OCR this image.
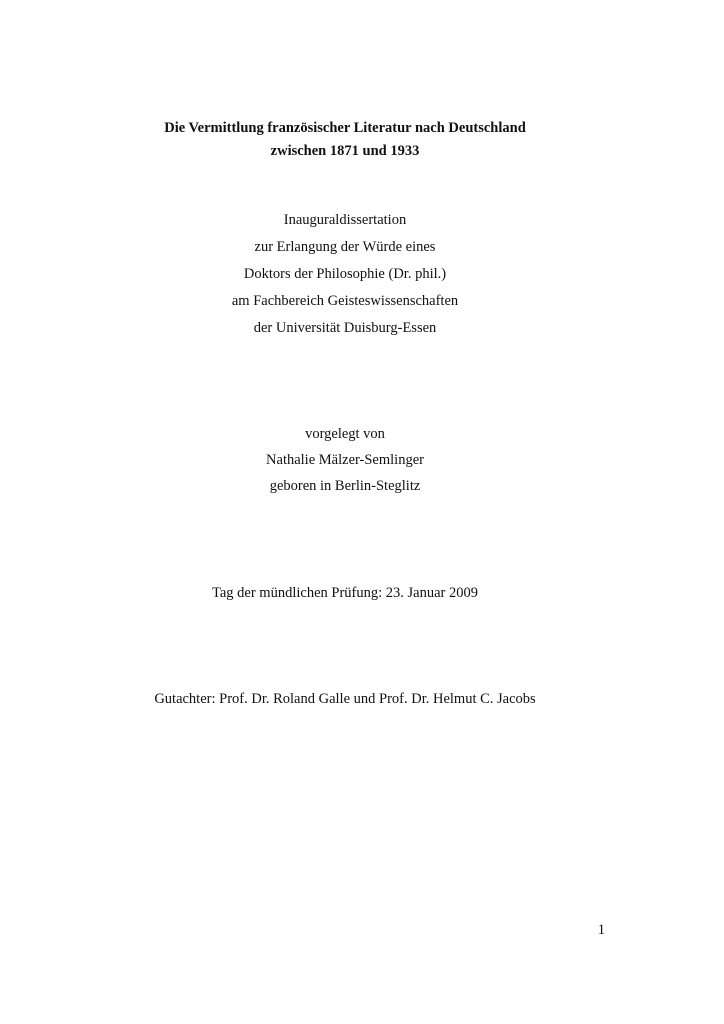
Die Vermittlung französischer Literatur nach Deutschland
zwischen 1871 und 1933
Inauguraldissertation
zur Erlangung der Würde eines
Doktors der Philosophie (Dr. phil.)
am Fachbereich Geisteswissenschaften
der Universität Duisburg-Essen
vorgelegt von
Nathalie Mälzer-Semlinger
geboren in Berlin-Steglitz
Tag der mündlichen Prüfung: 23. Januar 2009
Gutachter: Prof. Dr. Roland Galle und Prof. Dr. Helmut C. Jacobs
1
